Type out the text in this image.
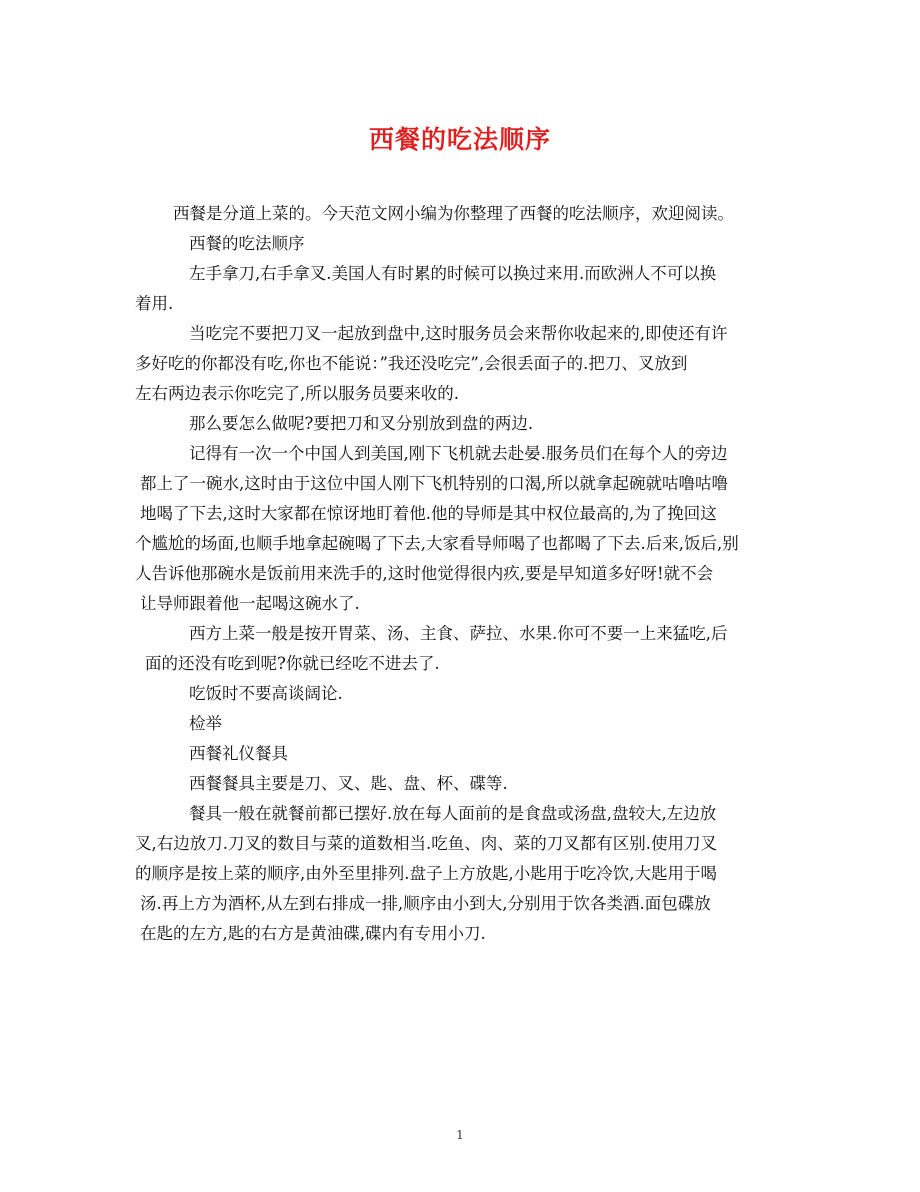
西餐的吃法顺序
西餐是分道上菜的。今天范文网小编为你整理了西餐的吃法顺序，欢迎阅读。
西餐的吃法顺序
左手拿刀,右手拿叉.美国人有时累的时候可以换过来用.而欧洲人不可以换
着用.
当吃完不要把刀叉一起放到盘中,这时服务员会来帮你收起来的,即使还有许
多好吃的你都没有吃,你也不能说：”我还没吃完”,会很丢面子的.把刀、叉放到
左右两边表示你吃完了,所以服务员要来收的.
那么要怎么做呢?要把刀和叉分别放到盘的两边.
记得有一次一个中国人到美国,刚下飞机就去赴晏.服务员们在每个人的旁边
都上了一碗水,这时由于这位中国人刚下飞机特别的口渴,所以就拿起碗就咕噜咕噜
地喝了下去,这时大家都在惊讶地盯着他.他的导师是其中权位最高的,为了挽回这
个尴尬的场面,也顺手地拿起碗喝了下去,大家看导师喝了也都喝了下去.后来,饭后,别
人告诉他那碗水是饭前用来洗手的,这时他觉得很内疚,要是早知道多好呀!就不会
让导师跟着他一起喝这碗水了.
西方上菜一般是按开胃菜、汤、主食、萨拉、水果.你可不要一上来猛吃,后
面的还没有吃到呢?你就已经吃不进去了.
吃饭时不要高谈阔论.
检举
西餐礼仪餐具
西餐餐具主要是刀、叉、匙、盘、杯、碟等.
餐具一般在就餐前都已摆好.放在每人面前的是食盘或汤盘,盘较大,左边放
叉,右边放刀.刀叉的数目与菜的道数相当.吃鱼、肉、菜的刀叉都有区别.使用刀叉
的顺序是按上菜的顺序,由外至里排列.盘子上方放匙,小匙用于吃冷饮,大匙用于喝
汤.再上方为酒杯,从左到右排成一排,顺序由小到大,分别用于饮各类酒.面包碟放
在匙的左方,匙的右方是黄油碟,碟内有专用小刀.
1
